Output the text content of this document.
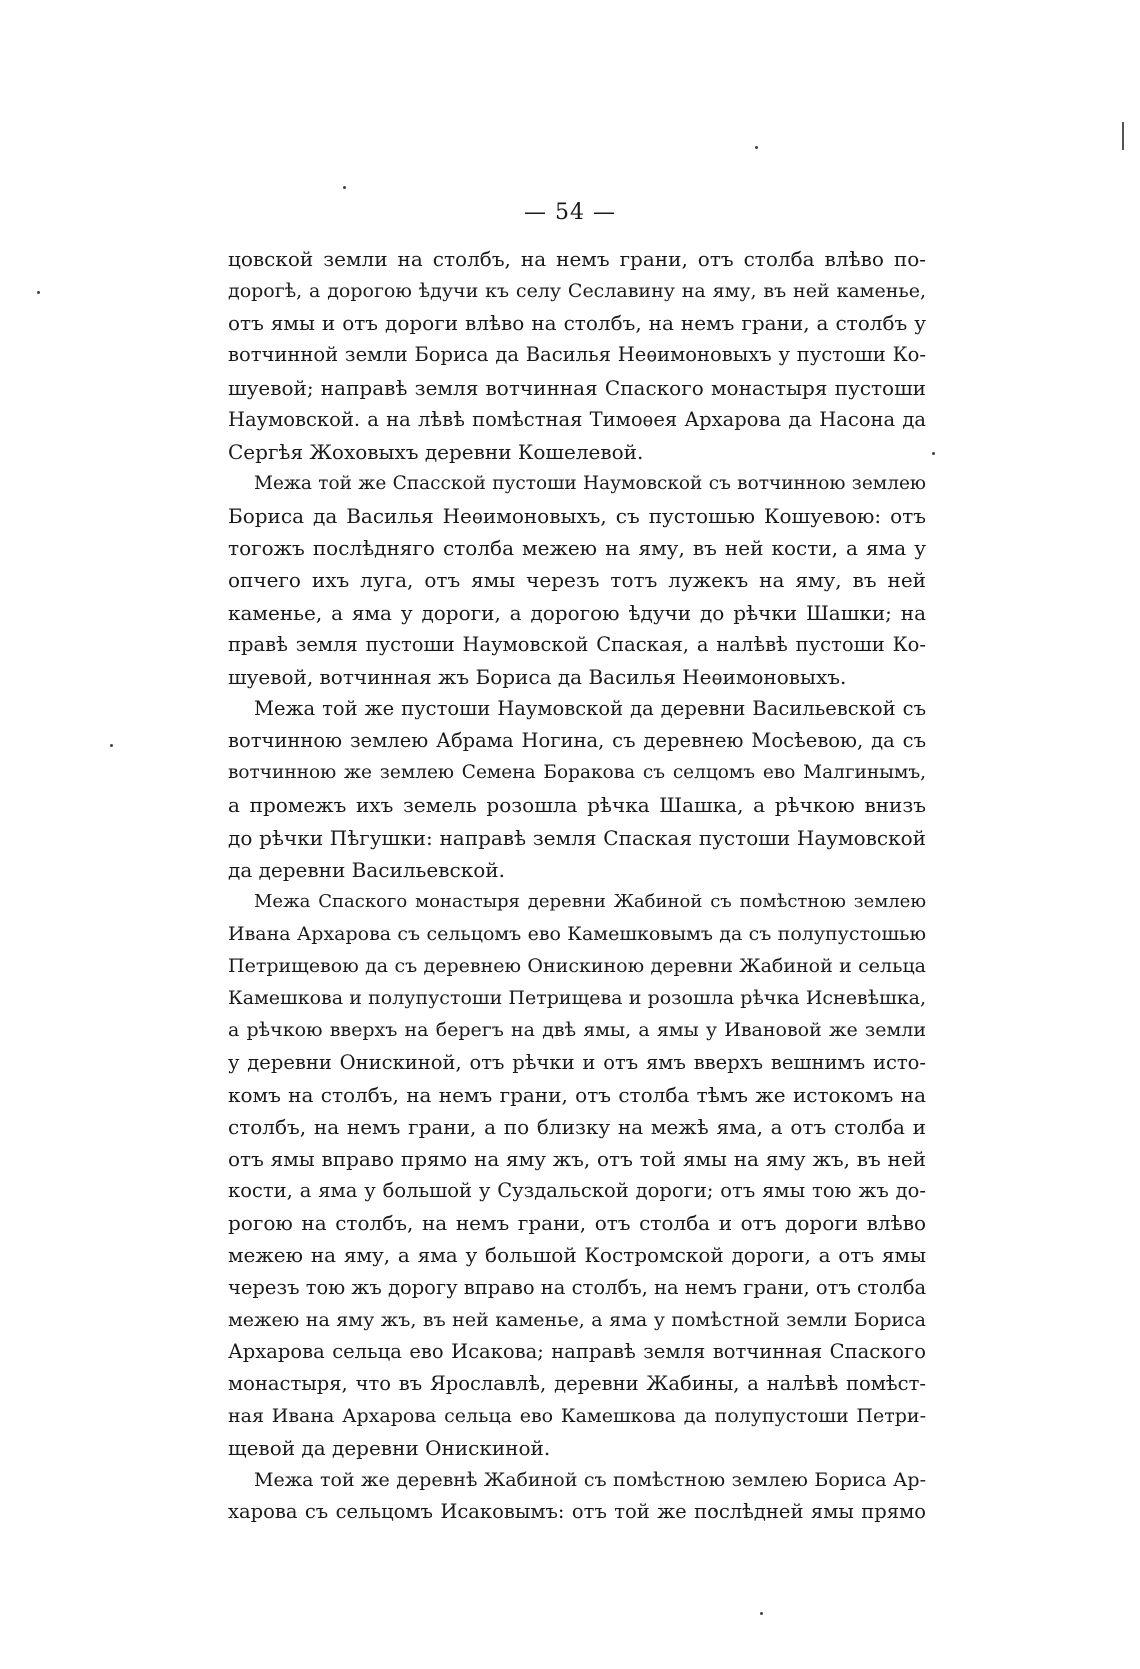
— 54 —
цовской земли на столбъ, на немъ грани, отъ столба влѣво по-
дорогѣ, а дорогою ѣдучи къ селу Сеславину на яму, въ ней каменье,
отъ ямы и отъ дороги влѣво на столбъ, на немъ грани, а столбъ у
вотчинной земли Бориса да Василья Неѳимоновыхъ у пустоши Ко-
шуевой; направѣ земля вотчинная Спаского монастыря пустоши
Наумовской. а на лѣвѣ помѣстная Тимоѳея Архарова да Насона да
Сергѣя Жоховыхъ деревни Кошелевой.
Межа той же Спасской пустоши Наумовской съ вотчинною землею
Бориса да Василья Неѳимоновыхъ, съ пустошью Кошуевою: отъ
тогожъ послѣдняго столба межею на яму, въ ней кости, а яма у
опчего ихъ луга, отъ ямы черезъ тотъ лужекъ на яму, въ ней
каменье, а яма у дороги, а дорогою ѣдучи до рѣчки Шашки; на
правѣ земля пустоши Наумовской Спаская, а налѣвѣ пустоши Ко-
шуевой, вотчинная жъ Бориса да Василья Неѳимоновыхъ.
Межа той же пустоши Наумовской да деревни Васильевской съ
вотчинною землею Абрама Ногина, съ деревнею Мосѣевою, да съ
вотчинною же землею Семена Боракова съ селцомъ ево Малгинымъ,
а промежъ ихъ земель розошла рѣчка Шашка, а рѣчкою внизъ
до рѣчки Пѣгушки: направѣ земля Спаская пустоши Наумовской
да деревни Васильевской.
Межа Спаского монастыря деревни Жабиной съ помѣстною землею
Ивана Архарова съ сельцомъ ево Камешковымъ да съ полупустошью
Петрищевою да съ деревнею Онискиною деревни Жабиной и сельца
Камешкова и полупустоши Петрищева и розошла рѣчка Исневѣшка,
а рѣчкою вверхъ на берегъ на двѣ ямы, а ямы у Ивановой же земли
у деревни Онискиной, отъ рѣчки и отъ ямъ вверхъ вешнимъ исто-
комъ на столбъ, на немъ грани, отъ столба тѣмъ же истокомъ на
столбъ, на немъ грани, а по близку на межѣ яма, а отъ столба и
отъ ямы вправо прямо на яму жъ, отъ той ямы на яму жъ, въ ней
кости, а яма у большой у Суздальской дороги; отъ ямы тою жъ до-
рогою на столбъ, на немъ грани, отъ столба и отъ дороги влѣво
межею на яму, а яма у большой Костромской дороги, а отъ ямы
черезъ тою жъ дорогу вправо на столбъ, на немъ грани, отъ столба
межею на яму жъ, въ ней каменье, а яма у помѣстной земли Бориса
Архарова сельца ево Исакова; направѣ земля вотчинная Спаского
монастыря, что въ Ярославлѣ, деревни Жабины, а налѣвѣ помѣст-
ная Ивана Архарова сельца ево Камешкова да полупустоши Петри-
щевой да деревни Онискиной.
Межа той же деревнѣ Жабиной съ помѣстною землею Бориса Ар-
харова съ сельцомъ Исаковымъ: отъ той же послѣдней ямы прямо
